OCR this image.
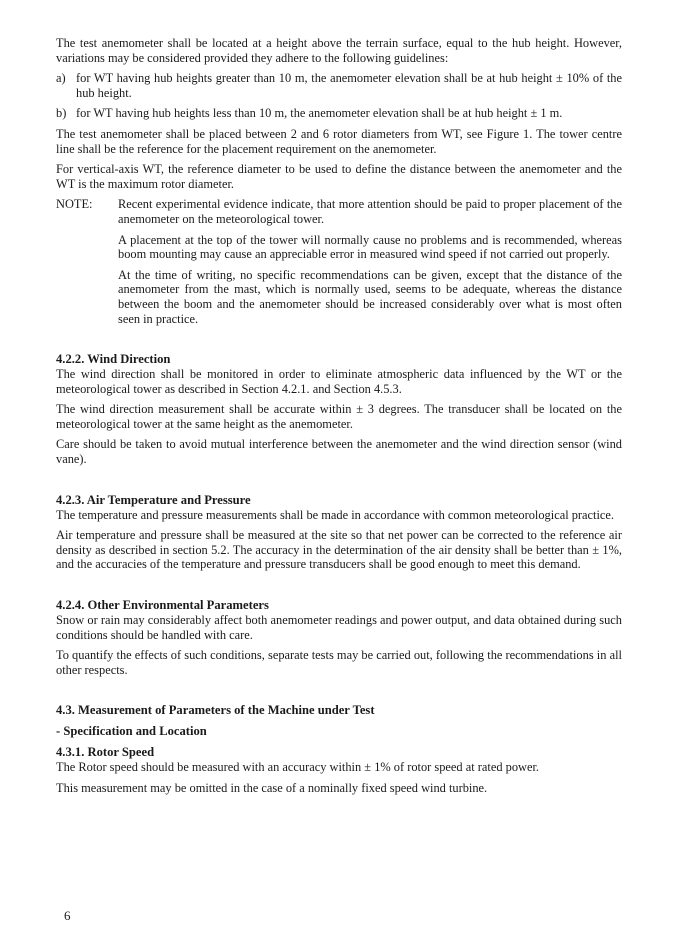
The test anemometer shall be located at a height above the terrain surface, equal to the hub height. However, variations may be considered provided they adhere to the following guidelines:

a) for WT having hub heights greater than 10 m, the anemometer elevation shall be at hub height ± 10% of the hub height.

b) for WT having hub heights less than 10 m, the anemometer elevation shall be at hub height ± 1 m.

The test anemometer shall be placed between 2 and 6 rotor diameters from WT, see Figure 1. The tower centre line shall be the reference for the placement requirement on the anemometer.

For vertical-axis WT, the reference diameter to be used to define the distance between the anemometer and the WT is the maximum rotor diameter.

NOTE:	Recent experimental evidence indicate, that more attention should be paid to proper placement of the anemometer on the meteorological tower.

A placement at the top of the tower will normally cause no problems and is recommended, whereas boom mounting may cause an appreciable error in measured wind speed if not carried out properly.

At the time of writing, no specific recommendations can be given, except that the distance of the anemometer from the mast, which is normally used, seems to be adequate, whereas the distance between the boom and the anemometer should be increased considerably over what is most often seen in practice.

4.2.2. Wind Direction

The wind direction shall be monitored in order to eliminate atmospheric data influenced by the WT or the meteorological tower as described in Section 4.2.1. and Section 4.5.3.

The wind direction measurement shall be accurate within ± 3 degrees. The transducer shall be located on the meteorological tower at the same height as the anemometer.

Care should be taken to avoid mutual interference between the anemometer and the wind direction sensor (wind vane).

4.2.3. Air Temperature and Pressure

The temperature and pressure measurements shall be made in accordance with common meteorological practice.

Air temperature and pressure shall be measured at the site so that net power can be corrected to the reference air density as described in section 5.2. The accuracy in the determination of the air density shall be better than ± 1%, and the accuracies of the temperature and pressure transducers shall be good enough to meet this demand.

4.2.4. Other Environmental Parameters

Snow or rain may considerably affect both anemometer readings and power output, and data obtained during such conditions should be handled with care.

To quantify the effects of such conditions, separate tests may be carried out, following the recommendations in all other respects.

4.3. Measurement of Parameters of the Machine under Test
- Specification and Location
4.3.1. Rotor Speed

The Rotor speed should be measured with an accuracy within ± 1% of rotor speed at rated power.

This measurement may be omitted in the case of a nominally fixed speed wind turbine.

6
